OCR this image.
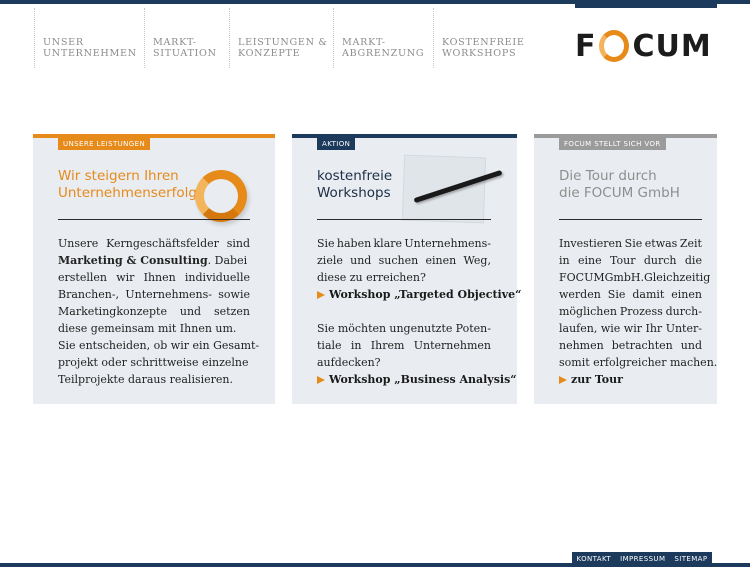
UNSER
UNTERNEHMEN
MARKT-
SITUATION
LEISTUNGEN &
KONZEPTE
MARKT-
ABGRENZUNG
KOSTENFREIE
WORKSHOPS	F CUM
UNSERE LEISTUNGEN
Wir steigern Ihren
Unternehmenserfolg
Unsere Kerngeschäftsfelder sind
Marketing & Consulting. Dabei
erstellen wir Ihnen individuelle
Branchen-, Unternehmens- sowie
Marketingkonzepte und setzen
diese gemeinsam mit Ihnen um.
Sie entscheiden, ob wir ein Gesamt-
projekt oder schrittweise einzelne
Teilprojekte daraus realisieren.
AKTION
kostenfreie
Workshops
Sie haben klare Unternehmens-
ziele und suchen einen Weg,
diese zu erreichen?
Workshop „Targeted Objective“
Sie möchten ungenutzte Poten-
tiale in Ihrem Unternehmen
aufdecken?
Workshop „Business Analysis“
FOCUM STELLT SICH VOR
Die Tour durch
die FOCUM GmbH
Investieren Sie etwas Zeit
in eine Tour durch die
FOCUM GmbH. Gleichzeitig
werden Sie damit einen
möglichen Prozess durch-
laufen, wie wir Ihr Unter-
nehmen betrachten und
somit erfolgreicher machen.
zur Tour
KONTAKT IMPRESSUM SITEMAP
